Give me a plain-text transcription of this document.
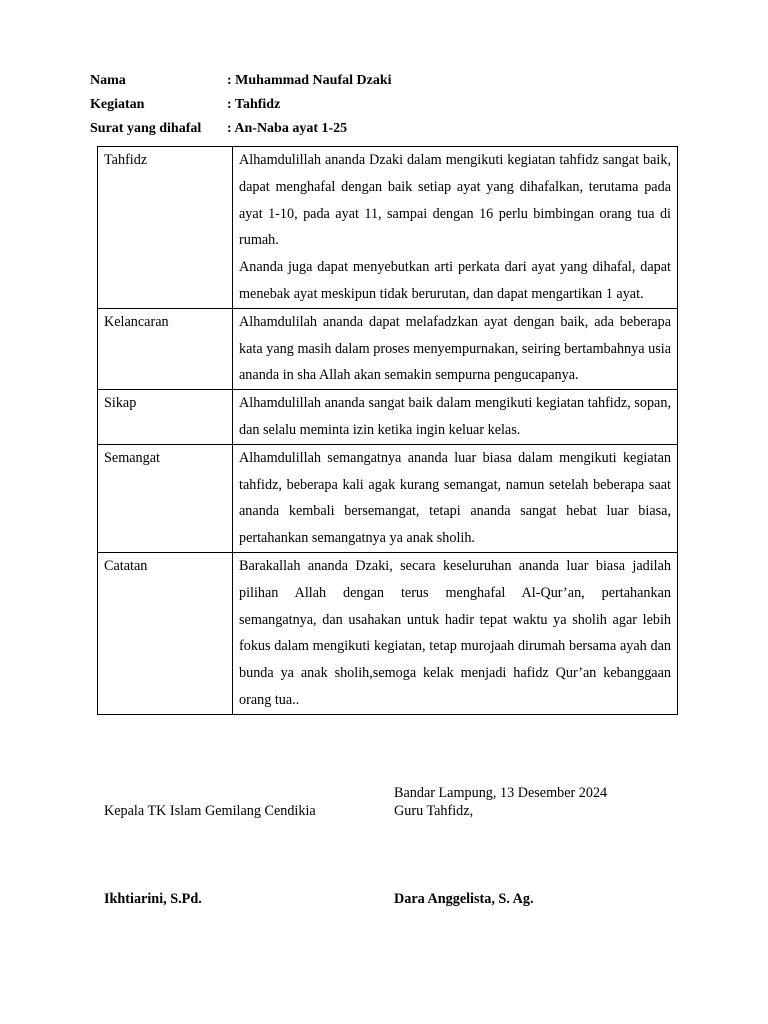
Nama	: Muhammad Naufal Dzaki
Kegiatan	: Tahfidz
Surat yang dihafal : An-Naba ayat 1-25
Tahfidz	Alhamdulillah ananda Dzaki dalam mengikuti kegiatan tahfidz sangat baik, dapat menghafal dengan baik setiap ayat yang dihafalkan, terutama pada ayat 1-10, pada ayat 11, sampai dengan 16 perlu bimbingan orang tua di rumah.

Ananda juga dapat menyebutkan arti perkata dari ayat yang dihafal, dapat menebak ayat meskipun tidak berurutan, dan dapat mengartikan 1 ayat.

Kelancaran	Alhamdulilah ananda dapat melafadzkan ayat dengan baik, ada beberapa kata yang masih dalam proses menyempurnakan, seiring bertambahnya usia ananda in sha Allah akan semakin sempurna pengucapanya.

Sikap	Alhamdulillah ananda sangat baik dalam mengikuti kegiatan tahfidz, sopan, dan selalu meminta izin ketika ingin keluar kelas.

Semangat	Alhamdulillah semangatnya ananda luar biasa dalam mengikuti kegiatan tahfidz, beberapa kali agak kurang semangat, namun setelah beberapa saat ananda kembali bersemangat, tetapi ananda sangat hebat luar biasa, pertahankan semangatnya ya anak sholih.

Catatan	Barakallah ananda Dzaki, secara keseluruhan ananda luar biasa jadilah pilihan Allah dengan terus menghafal Al-Qur’an, pertahankan semangatnya, dan usahakan untuk hadir tepat waktu ya sholih agar lebih fokus dalam mengikuti kegiatan, tetap murojaah dirumah bersama ayah dan bunda ya anak sholih,semoga kelak menjadi hafidz Qur’an kebanggaan orang tua..

Bandar Lampung, 13 Desember 2024
Kepala TK Islam Gemilang Cendikia	Guru Tahfidz,
Ikhtiarini, S.Pd.	Dara Anggelista, S. Ag.
